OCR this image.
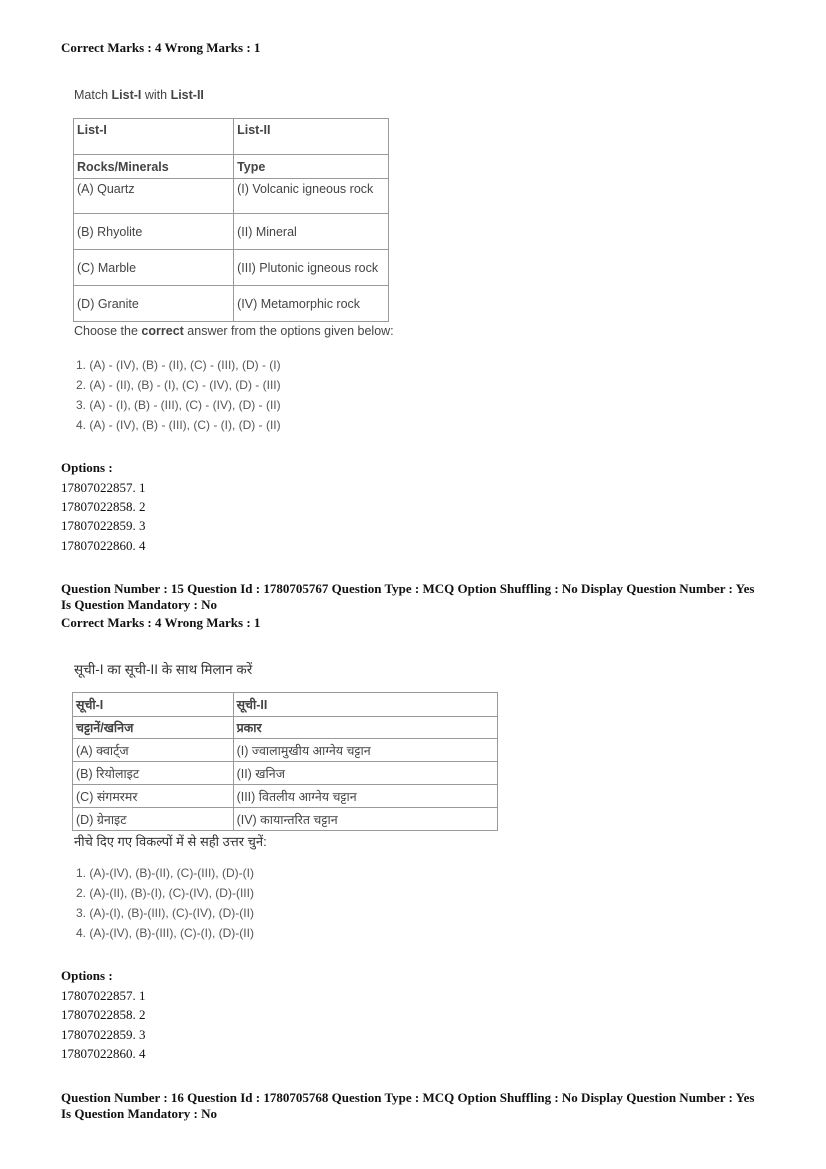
Correct Marks : 4 Wrong Marks : 1
Match List-I with List-II
List-I	List-II
Rocks/Minerals	Type
(A) Quartz	(I) Volcanic igneous rock
(B) Rhyolite	(II) Mineral
(C) Marble	(III) Plutonic igneous rock
(D) Granite	(IV) Metamorphic rock
Choose the correct answer from the options given below:
1. (A) - (IV), (B) - (II), (C) - (III), (D) - (I)
2. (A) - (II), (B) - (I), (C) - (IV), (D) - (III)
3. (A) - (I), (B) - (III), (C) - (IV), (D) - (II)
4. (A) - (IV), (B) - (III), (C) - (I), (D) - (II)
Options :
17807022857. 1
17807022858. 2
17807022859. 3
17807022860. 4
Question Number : 15 Question Id : 1780705767 Question Type : MCQ Option Shuffling : No Display Question Number : Yes
Is Question Mandatory : No
Correct Marks : 4 Wrong Marks : 1
सूची-I का सूची-II के साथ मिलान करें
सूची-I	सूची-II
चट्टानें/खनिज	प्रकार
(A) क्वार्ट्ज	(I) ज्वालामुखीय आग्नेय चट्टान
(B) रियोलाइट	(II) खनिज
(C) संगमरमर	(III) वितलीय आग्नेय चट्टान
(D) ग्रेनाइट	(IV) कायान्तरित चट्टान
नीचे दिए गए विकल्पों में से सही उत्तर चुनें:
1. (A)-(IV), (B)-(II), (C)-(III), (D)-(I)
2. (A)-(II), (B)-(I), (C)-(IV), (D)-(III)
3. (A)-(I), (B)-(III), (C)-(IV), (D)-(II)
4. (A)-(IV), (B)-(III), (C)-(I), (D)-(II)
Options :
17807022857. 1
17807022858. 2
17807022859. 3
17807022860. 4
Question Number : 16 Question Id : 1780705768 Question Type : MCQ Option Shuffling : No Display Question Number : Yes
Is Question Mandatory : No
